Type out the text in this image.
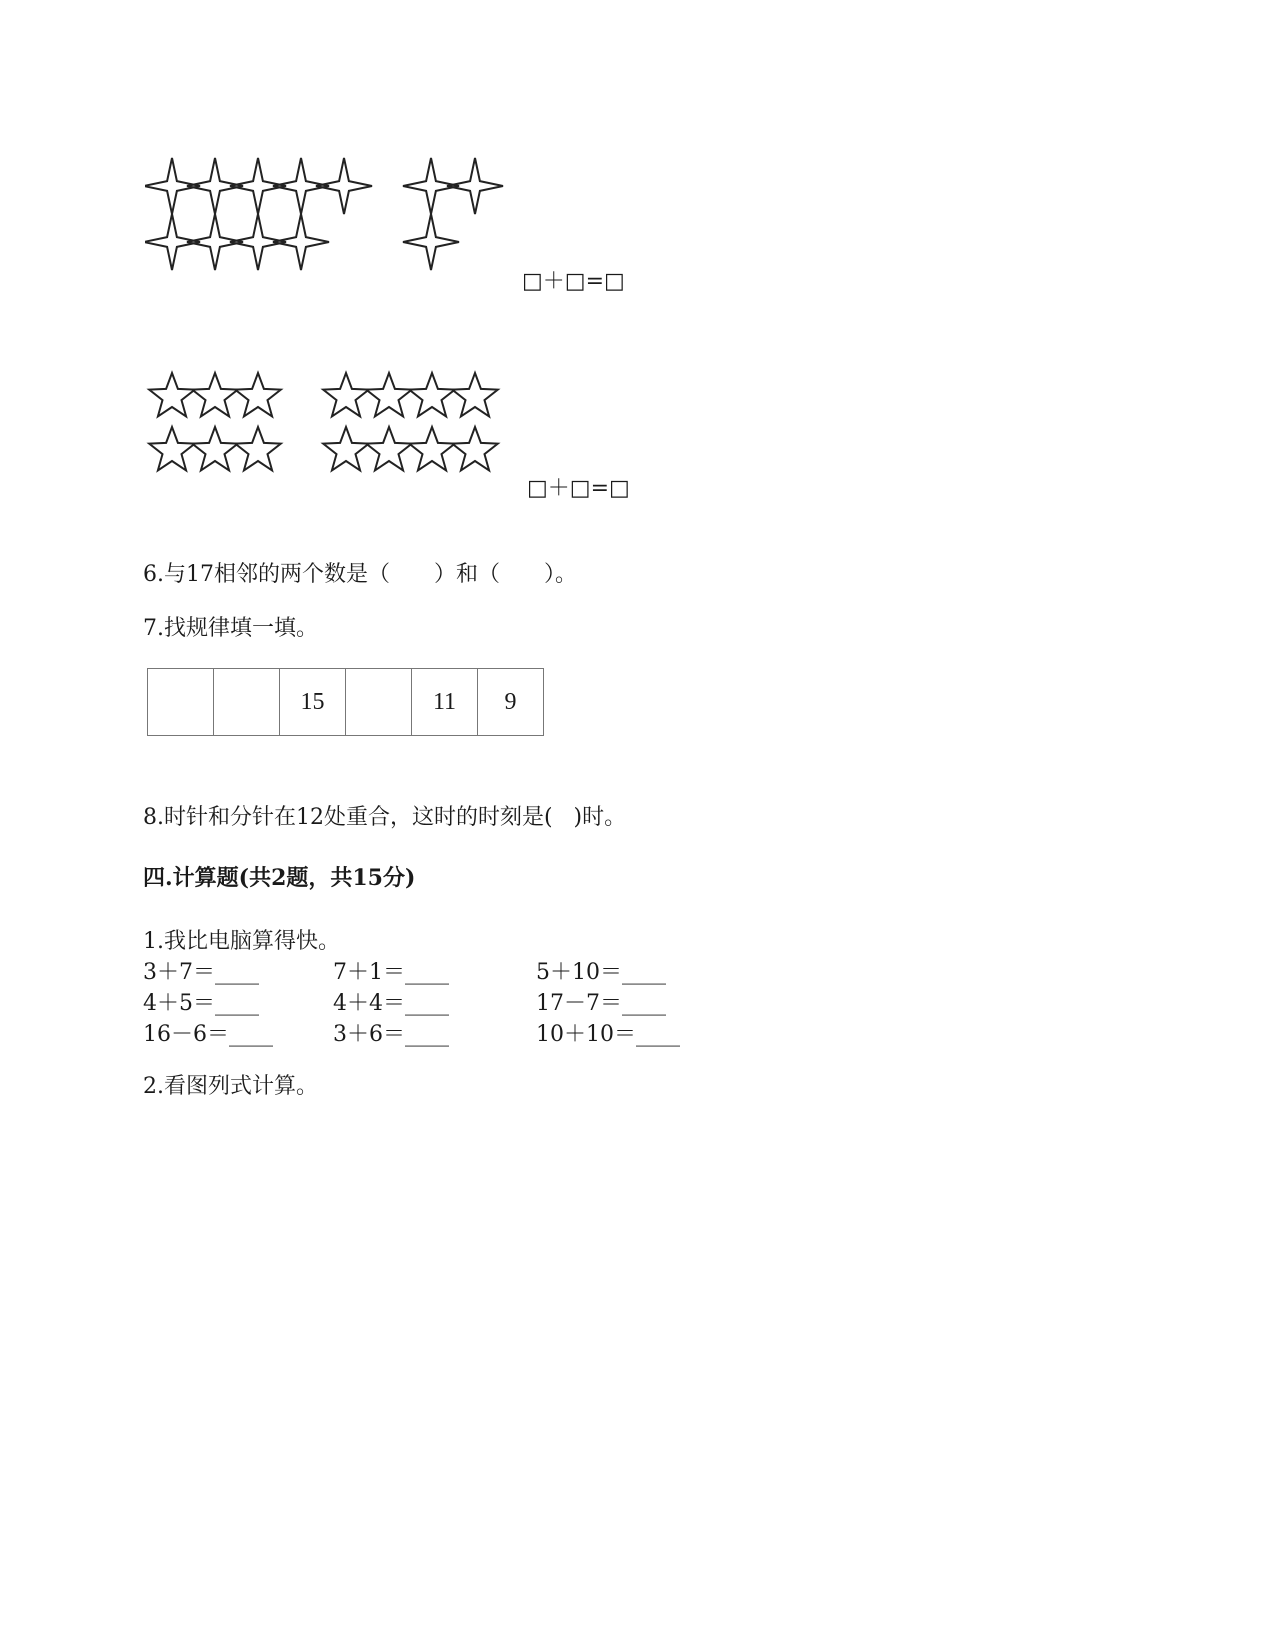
□＋□=□
□＋□=□
6.与17相邻的两个数是（　　）和（　　）。
7.找规律填一填。
		15		11	9
8.时针和分针在12处重合，这时的时刻是(   )时。
四.计算题(共2题，共15分)
1.我比电脑算得快。
3＋7＝____	7＋1＝____	5＋10＝____
4＋5＝____	4＋4＝____	17－7＝____
16－6＝____	3＋6＝____	10＋10＝____
2.看图列式计算。
